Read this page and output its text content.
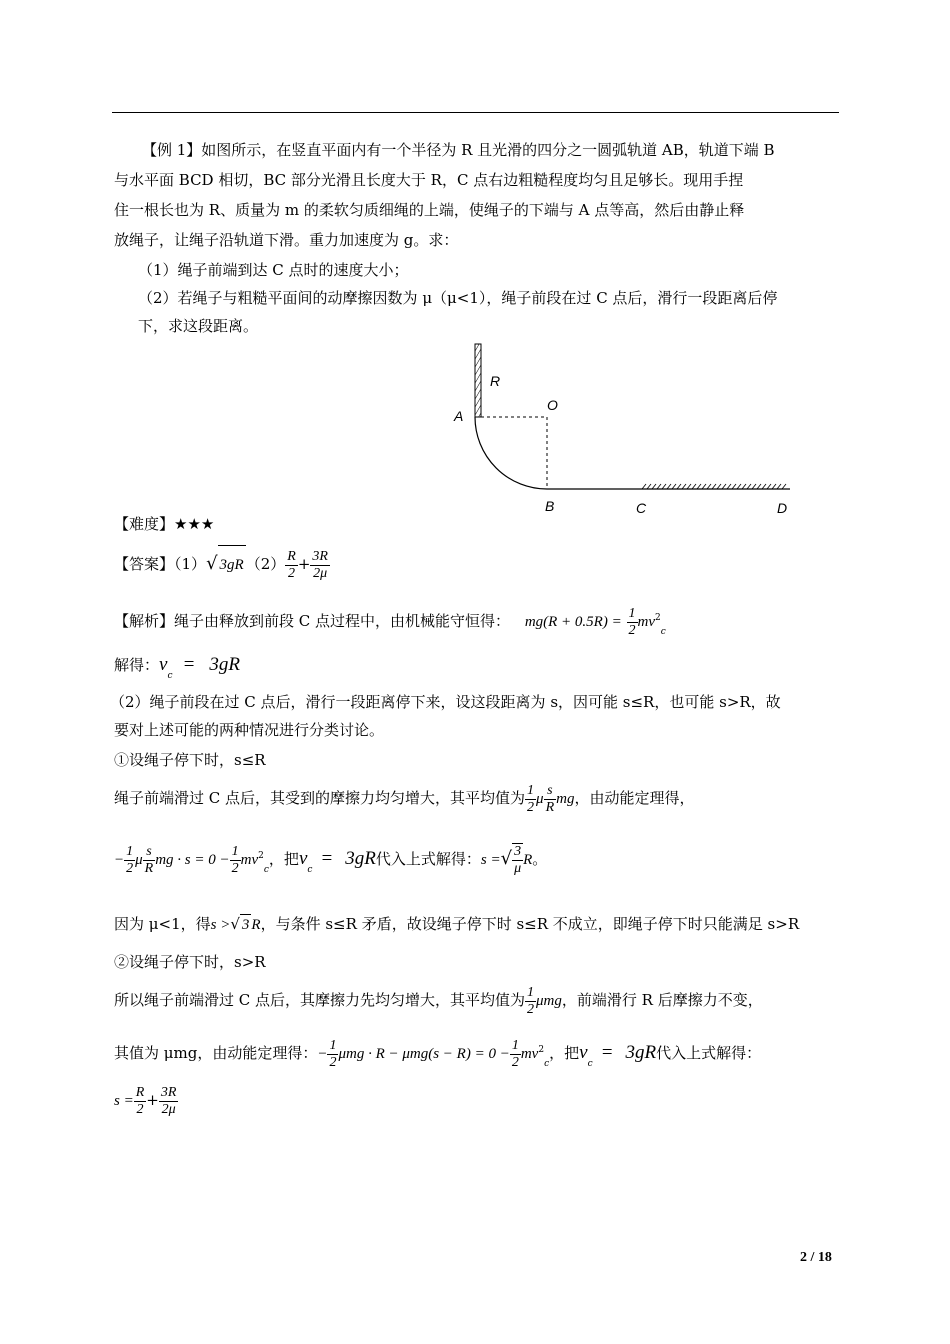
【例 1】如图所示，在竖直平面内有一个半径为 R 且光滑的四分之一圆弧轨道 AB，轨道下端 B
与水平面 BCD 相切，BC 部分光滑且长度大于 R，C 点右边粗糙程度均匀且足够长。现用手捏
住一根长也为 R、质量为 m 的柔软匀质细绳的上端，使绳子的下端与 A 点等高，然后由静止释
放绳子，让绳子沿轨道下滑。重力加速度为 g。求：
（1）绳子前端到达 C 点时的速度大小；
（2）若绳子与粗糙平面间的动摩擦因数为 μ（μ<1），绳子前段在过 C 点后，滑行一段距离后停
下，求这段距离。
R
A
O
B	C	D
【难度】★★★
【答案】（1）√ 3gR $(2) \frac{R}{2} + \frac{3R}{2\mu}$
【解析】绳子由释放到前段 C 点过程中，由机械能守恒得： $mg(R + 0.5R) = \frac{1}{2} mv^2_c$
解得：$v_c= 3gR$
（2）绳子前段在过 C 点后，滑行一段距离停下来，设这段距离为 s，因可能 s≤R，也可能 s>R，故
要对上述可能的两种情况进行分类讨论。
①设绳子停下时，s≤R
绳子前端滑过 C 点后，其受到的摩擦力均匀增大，其平均值为 $\frac{1}{2}$ μ $\frac{s}{R}$ mg，由动能定理得，
− $\frac{1}{2}$ μ $\frac{s}{R}$ mg · $s = 0 - \frac{1}{2} mv^2_c$，把$v_c= 3gR$代入上式解得：s =√ $\frac{3}{\mu}$ R。
因为 μ<1，得s >√ 3 R，与条件 s≤R 矛盾，故设绳子停下时 s≤R 不成立，即绳子停下时只能满足 s>R
②设绳子停下时，s>R
所以绳子前端滑过 C 点后，其摩擦力先均匀增大，其平均值为 $\frac{1}{2}$ μmg，前端滑行 R 后摩擦力不变，
其值为 μmg，由动能定理得：− $\frac{1}{2}$ $\mu mg \cdot R - \mu mg(s - R) = 0 - \frac{1}{2} mv^2_c$，把$v_c= 3gR$代入上式解得：
$s = \frac{R}{2} + \frac{3R}{2\mu}$
2 / 18
